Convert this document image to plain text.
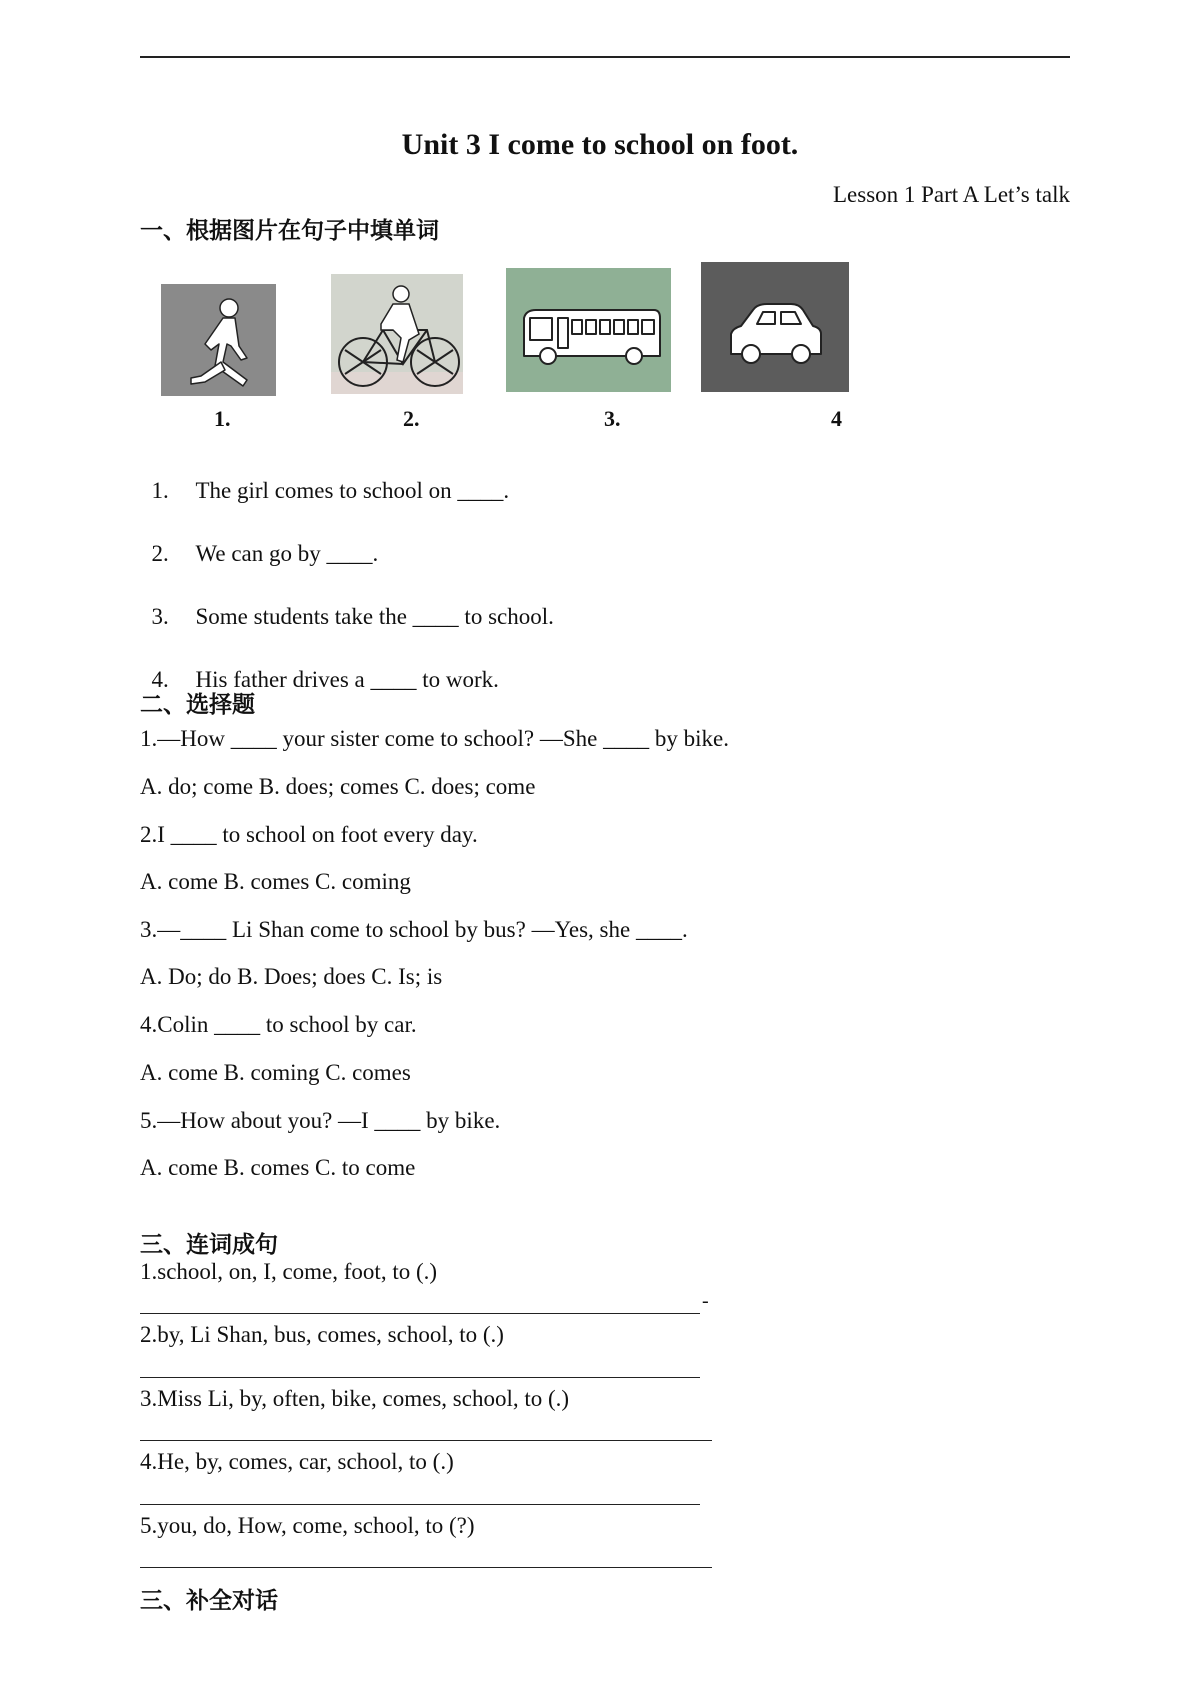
Unit 3 I come to school on foot.
Lesson 1 Part A Let’s talk
一、根据图片在句子中填单词
1.	2.	3.	4

1. The girl comes to school on ____.

2. We can go by ____.

3. Some students take the ____ to school.

4. His father drives a ____ to work.

二、选择题
1.—How ____ your sister come to school? —She ____ by bike.
A. do; come B. does; comes C. does; come
2.I ____ to school on foot every day.
A. come B. comes C. coming
3.—____ Li Shan come to school by bus? —Yes, she ____.
A. Do; do B. Does; does C. Is; is
4.Colin ____ to school by car.
A. come B. coming C. comes
5.—How about you? —I ____ by bike.
A. come B. comes C. to come
三、连词成句
1.school, on, I, come, foot, to (.)
-
2.by, Li Shan, bus, comes, school, to (.)
3.Miss Li, by, often, bike, comes, school, to (.)
4.He, by, comes, car, school, to (.)
5.you, do, How, come, school, to (?)
三、补全对话
